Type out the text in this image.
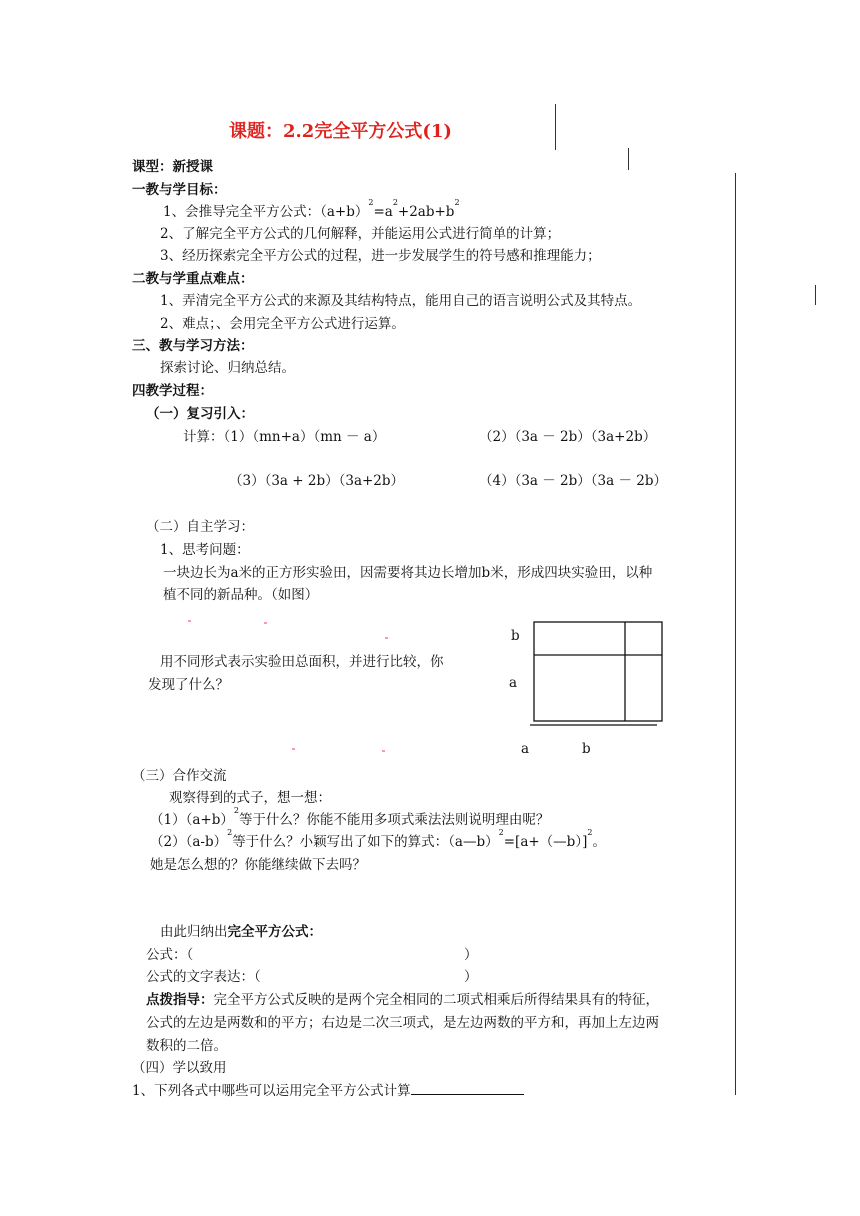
课题：2.2完全平方公式(1)
课型：新授课
一教与学目标：
1、会推导完全平方公式：$(a+b)^2=a^2+2ab+b^2$
2、了解完全平方公式的几何解释，并能运用公式进行简单的计算；
3、经历探索完全平方公式的过程，进一步发展学生的符号感和推理能力；
二教与学重点难点：
1、弄清完全平方公式的来源及其结构特点，能用自己的语言说明公式及其特点。
2、难点；、会用完全平方公式进行运算。
三、教与学习方法：
探索讨论、归纳总结。
四教学过程：
（一）复习引入：
计算：（1）（mn+a）（mn － a）	（2）（3a － 2b）（3a+2b）
（3）（3a + 2b）（3a+2b）	（4）（3a － 2b）（3a － 2b）
（二）自主学习：
1、思考问题：
一块边长为a米的正方形实验田，因需要将其边长增加b米，形成四块实验田，以种
植不同的新品种。（如图）
用不同形式表示实验田总面积，并进行比较，你
发现了什么？
b
a
a	b
（三）合作交流
观察得到的式子，想一想：
$(1)(a+b)^2$等于什么？你能不能用多项式乘法法则说明理由呢？
$(2)(a-b)^2$等于什么？小颖写出了如下的算式：（a—b）$^2$=[a+（—b）]$^2$。
她是怎么想的？你能继续做下去吗？
由此归纳出完全平方公式：
公式：（	）
公式的文字表达：（	）
点拨指导：完全平方公式反映的是两个完全相同的二项式相乘后所得结果具有的特征，
公式的左边是两数和的平方；右边是二次三项式，是左边两数的平方和，再加上左边两
数积的二倍。
（四）学以致用
1、下列各式中哪些可以运用完全平方公式计算
